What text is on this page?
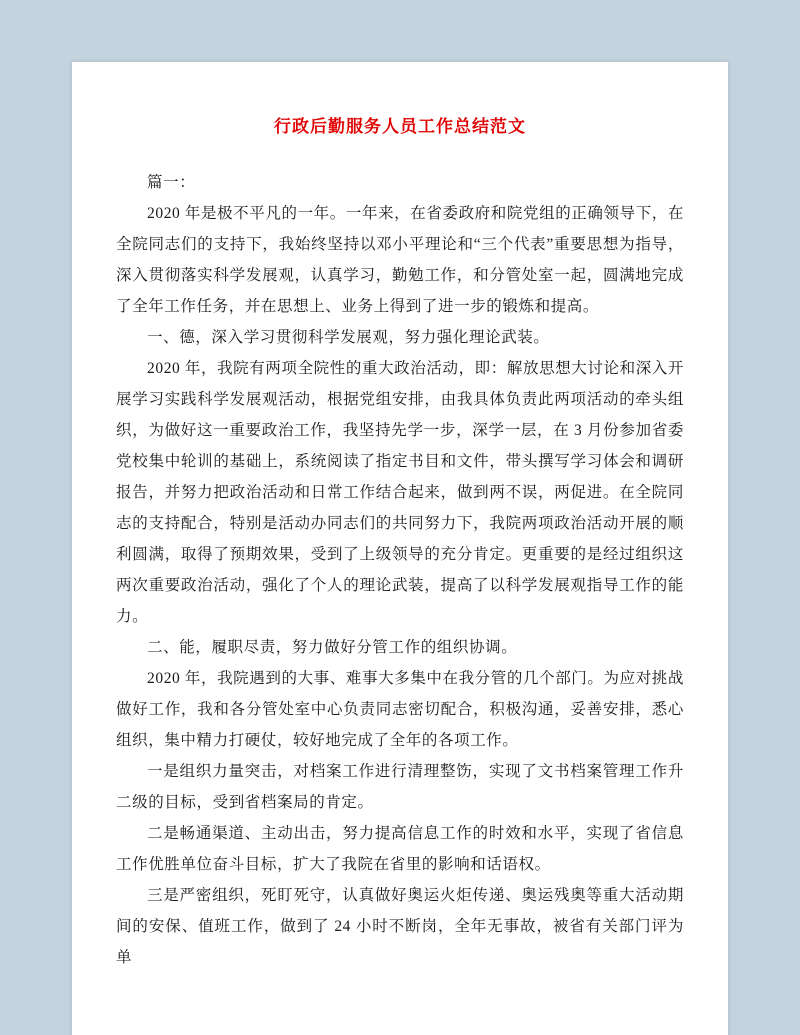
行政后勤服务人员工作总结范文

篇一：

2020 年是极不平凡的一年。一年来，在省委政府和院党组的正确领导下，在全院同志们的支持下，我始终坚持以邓小平理论和“三个代表”重要思想为指导，深入贯彻落实科学发展观，认真学习，勤勉工作，和分管处室一起，圆满地完成了全年工作任务，并在思想上、业务上得到了进一步的锻炼和提高。

一、德，深入学习贯彻科学发展观，努力强化理论武装。

2020 年，我院有两项全院性的重大政治活动，即：解放思想大讨论和深入开展学习实践科学发展观活动，根据党组安排，由我具体负责此两项活动的牵头组织，为做好这一重要政治工作，我坚持先学一步，深学一层，在 3 月份参加省委党校集中轮训的基础上，系统阅读了指定书目和文件，带头撰写学习体会和调研报告，并努力把政治活动和日常工作结合起来，做到两不误，两促进。在全院同志的支持配合，特别是活动办同志们的共同努力下，我院两项政治活动开展的顺利圆满，取得了预期效果，受到了上级领导的充分肯定。更重要的是经过组织这两次重要政治活动，强化了个人的理论武装，提高了以科学发展观指导工作的能力。

二、能，履职尽责，努力做好分管工作的组织协调。

2020 年，我院遇到的大事、难事大多集中在我分管的几个部门。为应对挑战做好工作，我和各分管处室中心负责同志密切配合，积极沟通，妥善安排，悉心组织，集中精力打硬仗，较好地完成了全年的各项工作。

一是组织力量突击，对档案工作进行清理整饬，实现了文书档案管理工作升二级的目标，受到省档案局的肯定。

二是畅通渠道、主动出击，努力提高信息工作的时效和水平，实现了省信息工作优胜单位奋斗目标，扩大了我院在省里的影响和话语权。

三是严密组织，死盯死守，认真做好奥运火炬传递、奥运残奥等重大活动期间的安保、值班工作，做到了 24 小时不断岗，全年无事故，被省有关部门评为单
